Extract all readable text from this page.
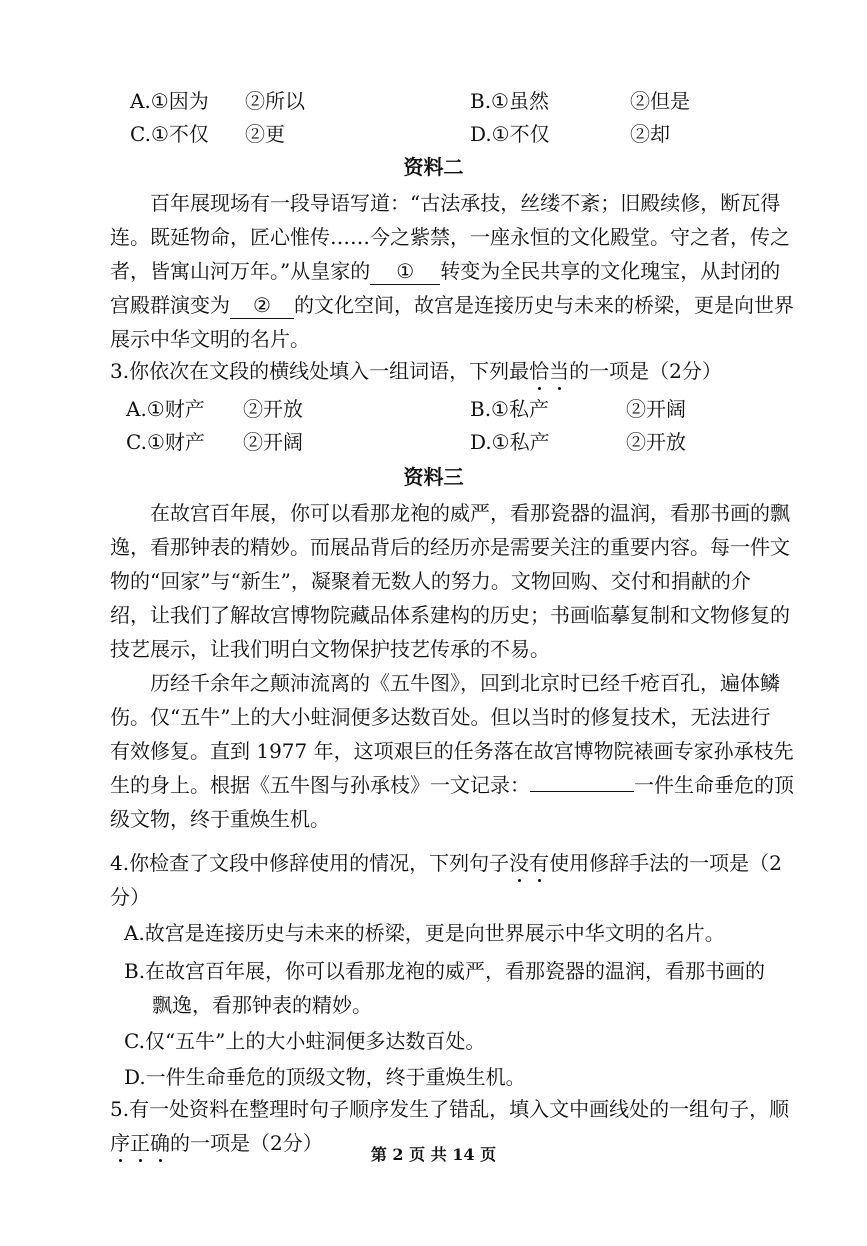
A.①因为 ②所以	B.①虽然	②但是
C.①不仅 ②更	D.①不仅	②却
资料二
百年展现场有一段导语写道：“古法承技，丝缕不紊；旧殿续修，断瓦得
连。既延物命，匠心惟传……今之紫禁，一座永恒的文化殿堂。守之者，传之
者，皆寓山河万年。”从皇家的 ① 转变为全民共享的文化瑰宝，从封闭的
宫殿群演变为 ② 的文化空间，故宫是连接历史与未来的桥梁，更是向世界
展示中华文明的名片。
3.你依次在文段的横线处填入一组词语，下列最恰当的一项是（2分）
A.①财产 ②开放	B.①私产	②开阔
C.①财产 ②开阔	D.①私产	②开放
资料三
在故宫百年展，你可以看那龙袍的威严，看那瓷器的温润，看那书画的飘
逸，看那钟表的精妙。而展品背后的经历亦是需要关注的重要内容。每一件文
物的“回家”与“新生”，凝聚着无数人的努力。文物回购、交付和捐献的介
绍，让我们了解故宫博物院藏品体系建构的历史；书画临摹复制和文物修复的
技艺展示，让我们明白文物保护技艺传承的不易。
历经千余年之颠沛流离的《五牛图》，回到北京时已经千疮百孔，遍体鳞
伤。仅“五牛”上的大小蛀洞便多达数百处。但以当时的修复技术，无法进行
有效修复。直到 1977 年，这项艰巨的任务落在故宫博物院裱画专家孙承枝先
生的身上。根据《五牛图与孙承枝》一文记录：	一件生命垂危的顶
级文物，终于重焕生机。
4.你检查了文段中修辞使用的情况，下列句子没有使用修辞手法的一项是（2
分）
A.故宫是连接历史与未来的桥梁，更是向世界展示中华文明的名片。
B.在故宫百年展，你可以看那龙袍的威严，看那瓷器的温润，看那书画的
飘逸，看那钟表的精妙。
C.仅“五牛”上的大小蛀洞便多达数百处。
D.一件生命垂危的顶级文物，终于重焕生机。
5.有一处资料在整理时句子顺序发生了错乱，填入文中画线处的一组句子，顺
序正确的一项是（2分）	第 2 页 共 14 页
